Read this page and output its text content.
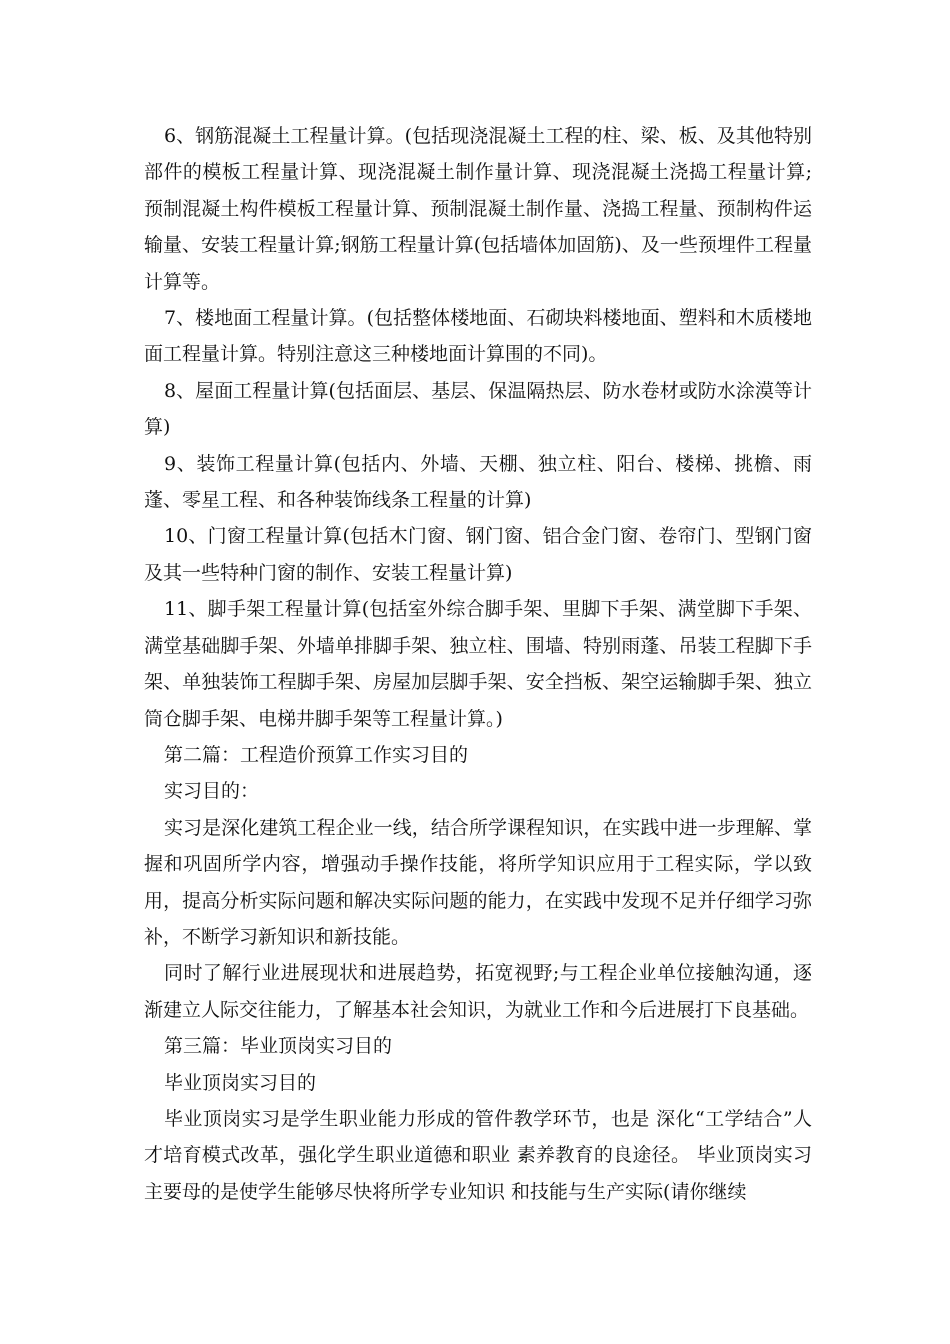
6、钢筋混凝土工程量计算。(包括现浇混凝土工程的柱、梁、板、及其他特别部件的模板工程量计算、现浇混凝土制作量计算、现浇混凝土浇捣工程量计算;预制混凝土构件模板工程量计算、预制混凝土制作量、浇捣工程量、预制构件运输量、安装工程量计算;钢筋工程量计算(包括墙体加固筋)、及一些预埋件工程量计算等。

7、楼地面工程量计算。(包括整体楼地面、石砌块料楼地面、塑料和木质楼地面工程量计算。特别注意这三种楼地面计算围的不同)。

8、屋面工程量计算(包括面层、基层、保温隔热层、防水卷材或防水涂漠等计算)

9、装饰工程量计算(包括内、外墙、天棚、独立柱、阳台、楼梯、挑檐、雨蓬、零星工程、和各种装饰线条工程量的计算)

10、门窗工程量计算(包括木门窗、钢门窗、铝合金门窗、卷帘门、型钢门窗及其一些特种门窗的制作、安装工程量计算)

11、脚手架工程量计算(包括室外综合脚手架、里脚下手架、满堂脚下手架、满堂基础脚手架、外墙单排脚手架、独立柱、围墙、特别雨蓬、吊装工程脚下手架、单独装饰工程脚手架、房屋加层脚手架、安全挡板、架空运输脚手架、独立筒仓脚手架、电梯井脚手架等工程量计算。)

第二篇：工程造价预算工作实习目的

实习目的：

实习是深化建筑工程企业一线，结合所学课程知识，在实践中进一步理解、掌握和巩固所学内容，增强动手操作技能，将所学知识应用于工程实际，学以致用，提高分析实际问题和解决实际问题的能力，在实践中发现不足并仔细学习弥补，不断学习新知识和新技能。

同时了解行业进展现状和进展趋势，拓宽视野;与工程企业单位接触沟通，逐渐建立人际交往能力，了解基本社会知识，为就业工作和今后进展打下良基础。

第三篇：毕业顶岗实习目的

毕业顶岗实习目的

毕业顶岗实习是学生职业能力形成的管件教学环节，也是 深化“工学结合”人才培育模式改革，强化学生职业道德和职业 素养教育的良途径。 毕业顶岗实习主要母的是使学生能够尽快将所学专业知识 和技能与生产实际(请你继续
